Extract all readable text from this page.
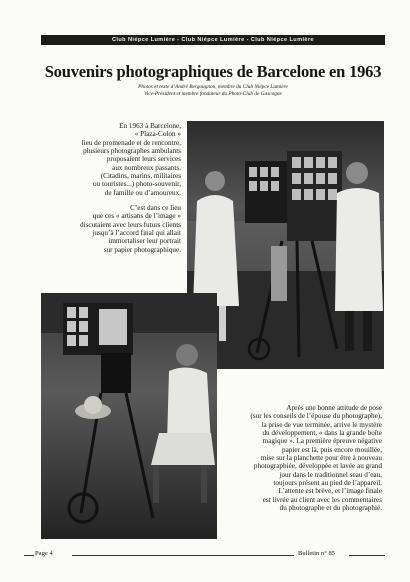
Club Niépce Lumière - Club Niépce Lumière - Club Niépce Lumière
Souvenirs photographiques de Barcelone en 1963
Photos et texte d’André Bergougnon, membre du Club Niépce Lumière
Vice-Président et membre fondateur du Photo-Club de Gascogne

En 1963 à Barcelone,
« Plaza-Colon »
lieu de promenade et de rencontre,
plusieurs photographes ambulants
proposaient leurs services
aux nombreux passants.
(Citadins, marins, militaires
ou touristes...) photo-souvenir,
de famille ou d’amoureux.

C’est dans ce lieu
que ces « artisans de l’image »
discutaient avec leurs futurs clients
jusqu’à l’accord final qui allait
immortaliser leur portrait
sur papier photographique.

Après une bonne attitude de pose
(sur les conseils de l’épouse du photographe),
la prise de vue terminée, arrive le mystère
du développement, « dans la grande boîte
magique ». La première épreuve négative
papier est là, puis encore mouillée,
mise sur la planchette pour être à nouveau
photographiée, développée et lavée au grand
jour dans le traditionnel seau d’eau,
toujours présent au pied de l’appareil.
L’attente est brève, et l’image finale
est livrée au client avec les commentaires
du photographe et du photographié.
Page 4	Bulletin n° 85
